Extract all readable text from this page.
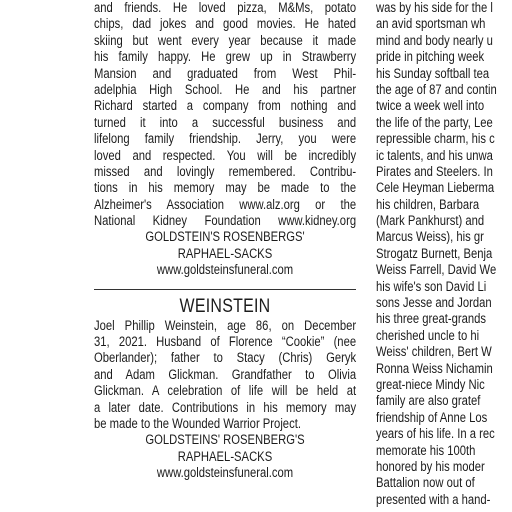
and friends. He loved pizza, M&Ms, potato
chips, dad jokes and good movies. He hated
skiing but went every year because it made
his family happy. He grew up in Strawberry
Mansion and graduated from West Phil-
adelphia High School. He and his partner
Richard started a company from nothing and
turned it into a successful business and
lifelong family friendship. Jerry, you were
loved and respected. You will be incredibly
missed and lovingly remembered. Contribu-
tions in his memory may be made to the
Alzheimer's Association www.alz.org or the
National Kidney Foundation www.kidney.org
GOLDSTEIN'S ROSENBERGS'
RAPHAEL-SACKS
www.goldsteinsfuneral.com
WEINSTEIN
Joel Phillip Weinstein, age 86, on December
31, 2021. Husband of Florence “Cookie” (nee
Oberlander); father to Stacy (Chris) Geryk
and Adam Glickman. Grandfather to Olivia
Glickman. A celebration of life will be held at
a later date. Contributions in his memory may
be made to the Wounded Warrior Project.
GOLDSTEINS' ROSENBERG'S
RAPHAEL-SACKS
www.goldsteinsfuneral.com
was by his side for the l
an avid sportsman wh
mind and body nearly u
pride in pitching week
his Sunday softball tea
the age of 87 and contin
twice a week well into
the life of the party, Lee
repressible charm, his c
ic talents, and his unwa
Pirates and Steelers. In
Cele Heyman Lieberma
his children, Barbara
(Mark Pankhurst) and
Marcus Weiss), his gr
Strogatz Burnett, Benja
Weiss Farrell, David We
his wife's son David Li
sons Jesse and Jordan
his three great-grands
cherished uncle to hi
Weiss' children, Bert W
Ronna Weiss Nichamin
great-niece Mindy Nic
family are also gratef
friendship of Anne Los
years of his life. In a rec
memorate his 100th
honored by his moder
Battalion now out of
presented with a hand-
